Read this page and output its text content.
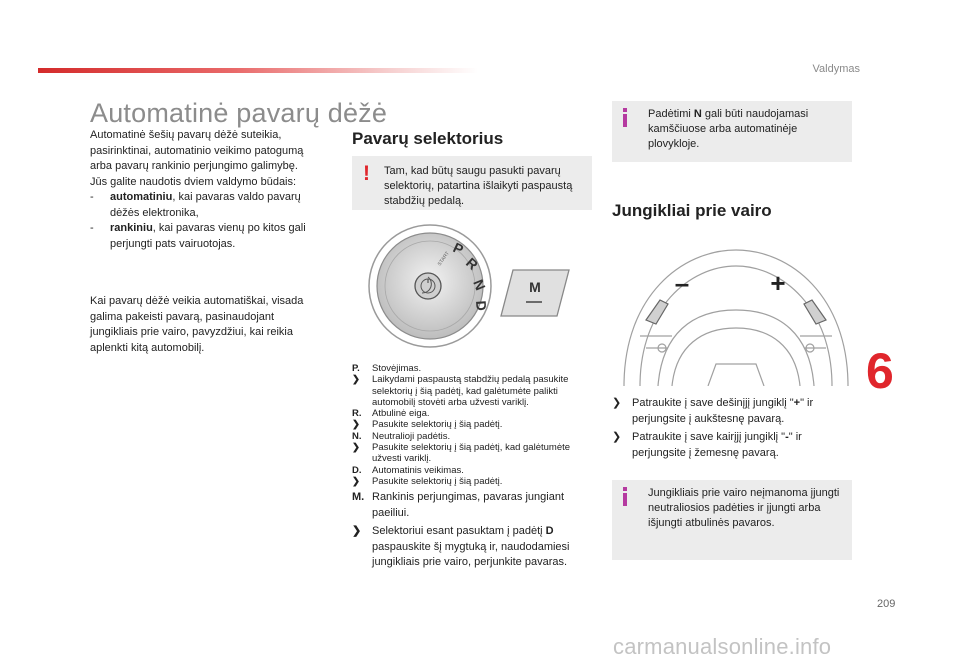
Valdymas
Automatinė pavarų dėžė
Automatinė šešių pavarų dėžė suteikia, pasirinktinai, automatinio veikimo patogumą arba pavarų rankinio perjungimo galimybę.
Jūs galite naudotis dviem valdymo būdais:
- automatiniu, kai pavaras valdo pavarų dėžės elektronika,
- rankiniu, kai pavaras vienų po kitos gali perjungti pats vairuotojas.
Kai pavarų dėžė veikia automatiškai, visada galima pakeisti pavarą, pasinaudojant jungikliais prie vairo, pavyzdžiui, kai reikia aplenkti kitą automobilį.
Pavarų selektorius
! Tam, kad būtų saugu pasukti pavarų selektorių, patartina išlaikyti paspaustą stabdžių pedalą.
P
R
N
D
START
M
P. Stovėjimas.
❯ Laikydami paspaustą stabdžių pedalą pasukite selektorių į šią padėtį, kad galėtumėte palikti automobilį stovėti arba užvesti variklį.
R. Atbulinė eiga.
❯ Pasukite selektorių į šią padėtį.
N. Neutralioji padėtis.
❯ Pasukite selektorių į šią padėtį, kad galėtumėte užvesti variklį.
D. Automatinis veikimas.
❯ Pasukite selektorių į šią padėtį.
M. Rankinis perjungimas, pavaras jungiant paeiliui.
❯ Selektoriui esant pasuktam į padėtį D paspauskite šį mygtuką ir, naudodamiesi jungikliais prie vairo, perjunkite pavaras.
Padėtimi N gali būti naudojamasi kamščiuose arba automatinėje plovykloje.
Jungikliai prie vairo
–	+
❯ Patraukite į save dešinįjį jungiklį "+" ir perjungsite į aukštesnę pavarą.
❯ Patraukite į save kairįjį jungiklį "-" ir perjungsite į žemesnę pavarą.
Jungikliais prie vairo neįmanoma įjungti neutraliosios padėties ir įjungti arba išjungti atbulinės pavaros.
6
209
carmanualsonline.info
